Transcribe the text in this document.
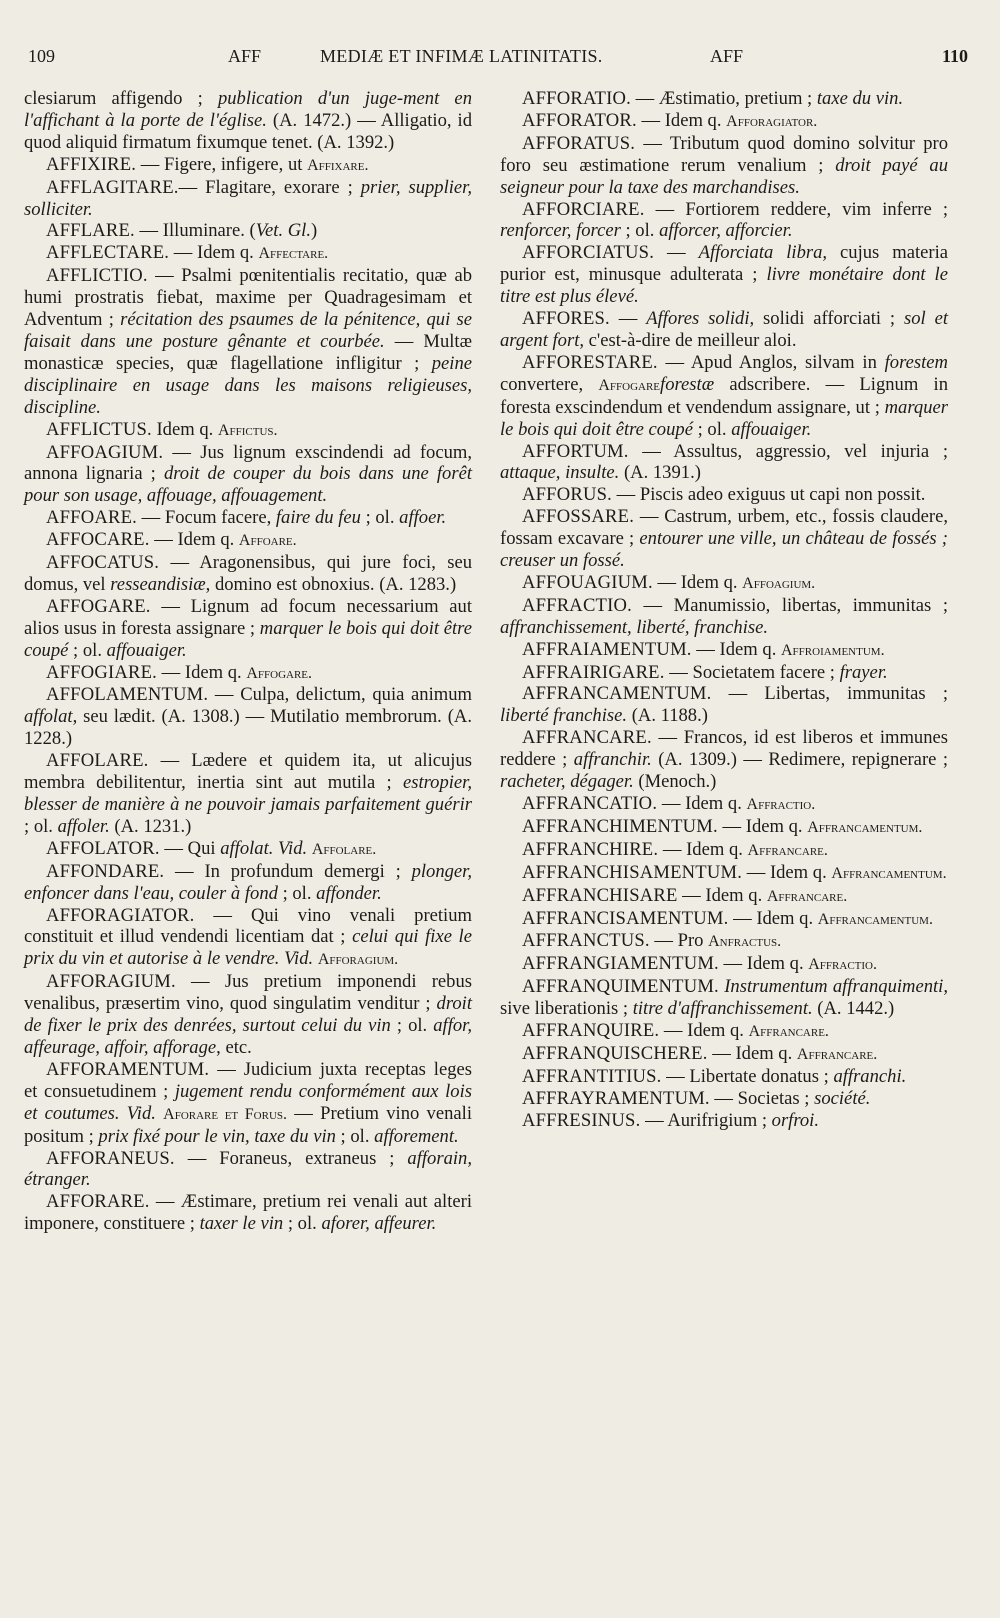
109	AFF	MEDIÆ ET INFIMÆ LATINITATIS.	AFF	110

clesiarum affigendo ; publication d'un juge-ment en l'affichant à la porte de l'église. (A. 1472.) — Alligatio, id quod aliquid firmatum fixumque tenet. (A. 1392.)

AFFIXIRE. — Figere, infigere, ut Affixare.

AFFLAGITARE.— Flagitare, exorare ; prier, supplier, solliciter.

AFFLARE. — Illuminare. (Vet. Gl.)

AFFLECTARE. — Idem q. Affectare.

AFFLICTIO. — Psalmi pœnitentialis recitatio, quæ ab humi prostratis fiebat, maxime per Quadragesimam et Adventum ; récitation des psaumes de la pénitence, qui se faisait dans une posture gênante et courbée. — Multæ monasticæ species, quæ flagellatione infligitur ; peine disciplinaire en usage dans les maisons religieuses, discipline.

AFFLICTUS. Idem q. Affictus.

AFFOAGIUM. — Jus lignum exscindendi ad focum, annona lignaria ; droit de couper du bois dans une forêt pour son usage, affouage, affouagement.

AFFOARE. — Focum facere, faire du feu ; ol. affoer.

AFFOCARE. — Idem q. Affoare.

AFFOCATUS. — Aragonensibus, qui jure foci, seu domus, vel resseandisiæ, domino est obnoxius. (A. 1283.)

AFFOGARE. — Lignum ad focum necessarium aut alios usus in foresta assignare ; marquer le bois qui doit être coupé ; ol. affouaiger.

AFFOGIARE. — Idem q. Affogare.

AFFOLAMENTUM. — Culpa, delictum, quia animum affolat, seu lædit. (A. 1308.) — Mutilatio membrorum. (A. 1228.)

AFFOLARE. — Lædere et quidem ita, ut alicujus membra debilitentur, inertia sint aut mutila ; estropier, blesser de manière à ne pouvoir jamais parfaitement guérir ; ol. affoler. (A. 1231.)

AFFOLATOR. — Qui affolat. Vid. Affolare.

AFFONDARE. — In profundum demergi ; plonger, enfoncer dans l'eau, couler à fond ; ol. affonder.

AFFORAGIATOR. — Qui vino venali pretium constituit et illud vendendi licentiam dat ; celui qui fixe le prix du vin et autorise à le vendre. Vid. Afforagium.

AFFORAGIUM. — Jus pretium imponendi rebus venalibus, præsertim vino, quod singulatim venditur ; droit de fixer le prix des denrées, surtout celui du vin ; ol. affor, affeurage, affoir, afforage, etc.

AFFORAMENTUM. — Judicium juxta receptas leges et consuetudinem ; jugement rendu conformément aux lois et coutumes. Vid. Aforare et Forus. — Pretium vino venali positum ; prix fixé pour le vin, taxe du vin ; ol. afforement.

AFFORANEUS. — Foraneus, extraneus ; afforain, étranger.

AFFORARE. — Æstimare, pretium rei venali aut alteri imponere, constituere ; taxer le vin ; ol. aforer, affeurer.

AFFORATIO. — Æstimatio, pretium ; taxe du vin.

AFFORATOR. — Idem q. Afforagiator.

AFFORATUS. — Tributum quod domino solvitur pro foro seu æstimatione rerum venalium ; droit payé au seigneur pour la taxe des marchandises.

AFFORCIARE. — Fortiorem reddere, vim inferre ; renforcer, forcer ; ol. afforcer, afforcier.

AFFORCIATUS. — Afforciata libra, cujus materia purior est, minusque adulterata ; livre monétaire dont le titre est plus élevé.

AFFORES. — Affores solidi, solidi afforciati ; sol et argent fort, c'est-à-dire de meilleur aloi.

AFFORESTARE. — Apud Anglos, silvam in forestem convertere, Affogareforestæ adscribere. — Lignum in foresta exscindendum et vendendum assignare, ut ; marquer le bois qui doit être coupé ; ol. affouaiger.

AFFORTUM. — Assultus, aggressio, vel injuria ; attaque, insulte. (A. 1391.)

AFFORUS. — Piscis adeo exiguus ut capi non possit.

AFFOSSARE. — Castrum, urbem, etc., fossis claudere, fossam excavare ; entourer une ville, un château de fossés ; creuser un fossé.

AFFOUAGIUM. — Idem q. Affoagium.

AFFRACTIO. — Manumissio, libertas, immunitas ; affranchissement, liberté, franchise.

AFFRAIAMENTUM. — Idem q. Affroiamentum.

AFFRAIRIGARE. — Societatem facere ; frayer.

AFFRANCAMENTUM. — Libertas, immunitas ; liberté franchise. (A. 1188.)

AFFRANCARE. — Francos, id est liberos et immunes reddere ; affranchir. (A. 1309.) — Redimere, repignerare ; racheter, dégager. (Menoch.)

AFFRANCATIO. — Idem q. Affractio.

AFFRANCHIMENTUM. — Idem q. Affrancamentum.

AFFRANCHIRE. — Idem q. Affrancare.

AFFRANCHISAMENTUM. — Idem q. Affrancamentum.

AFFRANCHISARE — Idem q. Affrancare.

AFFRANCISAMENTUM. — Idem q. Affrancamentum.

AFFRANCTUS. — Pro Anfractus.

AFFRANGIAMENTUM. — Idem q. Affractio.

AFFRANQUIMENTUM. Instrumentum affranquimenti, sive liberationis ; titre d'affranchissement. (A. 1442.)

AFFRANQUIRE. — Idem q. Affrancare.

AFFRANQUISCHERE. — Idem q. Affrancare.

AFFRANTITIUS. — Libertate donatus ; affranchi.

AFFRAYRAMENTUM. — Societas ; société.

AFFRESINUS. — Aurifrigium ; orfroi.
